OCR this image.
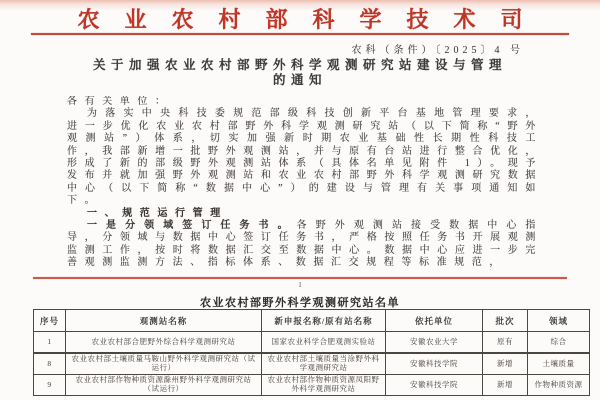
农业农村部科学技术司
农科（条件）〔2025〕4 号
关于加强农业农村部野外科学观测研究站建设与管理
的通知

各有关单位：

为落实中央科技委规范部级科技创新平台基地管理要求，进一步优化农业农村部野外科学观测研究站（以下简称“野外观测站”）体系，切实加强新时期农业基础性长期性科技工作，我部新增一批野外观测站，并与原有台站进行整合优化，形成了新的部级野外观测站体系（具体名单见附件 1）。现予发布并就加强野外观测站和农业农村部野外科学观测研究数据中心（以下简称“数据中心”）的建设与管理有关事项通知如下。

一、规范运行管理

一是分领域签订任务书。各野外观测站接受数据中心指导，分领域与数据中心签订任务书，严格按照任务书开展观测监测工作，按时将数据汇交至数据中心。数据中心应进一步完善观测监测方法、指标体系、数据汇交规程等标准规范，

1
农业农村部野外科学观测研究站名单
序号	观测站名称	新申报名称/原有站名称	依托单位	批次	领域
1	农业农村部合肥野外综合科学观测研究站	国家农业科学合肥观测实验站	安徽农业大学	原有	综合
8	农业农村部土壤质量马鞍山野外科学观测研究站（试运行）	农业农村部土壤质量当涂野外科学观测研究站	安徽科技学院	新增	土壤质量
9	农业农村部作物种质资源滁州野外科学观测研究站（试运行）	农业农村部作物种质资源凤阳野外科学观测研究站	安徽科技学院	新增	作物种质资源
